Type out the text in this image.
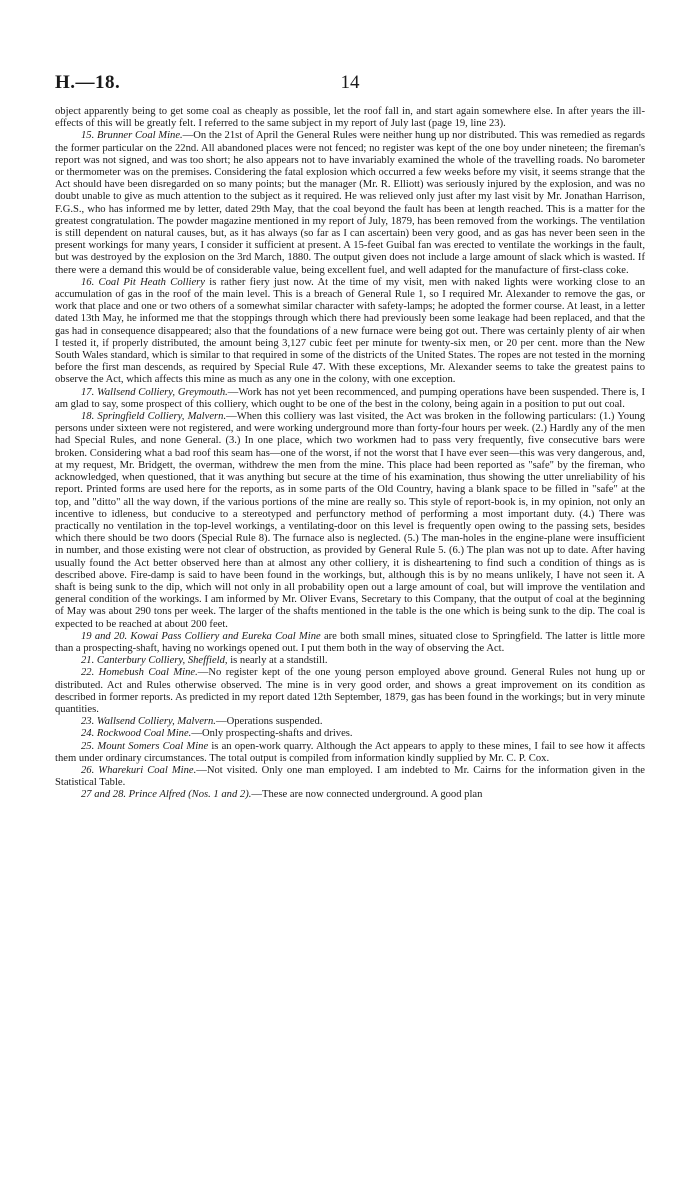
H.—18.	14

object apparently being to get some coal as cheaply as possible, let the roof fall in, and start again somewhere else. In after years the ill-effects of this will be greatly felt. I referred to the same subject in my report of July last (page 19, line 23).

15. Brunner Coal Mine.—On the 21st of April the General Rules were neither hung up nor distributed. This was remedied as regards the former particular on the 22nd. All abandoned places were not fenced; no register was kept of the one boy under nineteen; the fireman's report was not signed, and was too short; he also appears not to have invariably examined the whole of the travelling roads. No barometer or thermometer was on the premises. Considering the fatal explosion which occurred a few weeks before my visit, it seems strange that the Act should have been disregarded on so many points; but the manager (Mr. R. Elliott) was seriously injured by the explosion, and was no doubt unable to give as much attention to the subject as it required. He was relieved only just after my last visit by Mr. Jonathan Harrison, F.G.S., who has informed me by letter, dated 29th May, that the coal beyond the fault has been at length reached. This is a matter for the greatest congratulation. The powder magazine mentioned in my report of July, 1879, has been removed from the workings. The ventilation is still dependent on natural causes, but, as it has always (so far as I can ascertain) been very good, and as gas has never been seen in the present workings for many years, I consider it sufficient at present. A 15-feet Guibal fan was erected to ventilate the workings in the fault, but was destroyed by the explosion on the 3rd March, 1880. The output given does not include a large amount of slack which is wasted. If there were a demand this would be of considerable value, being excellent fuel, and well adapted for the manufacture of first-class coke.

16. Coal Pit Heath Colliery is rather fiery just now. At the time of my visit, men with naked lights were working close to an accumulation of gas in the roof of the main level. This is a breach of General Rule 1, so I required Mr. Alexander to remove the gas, or work that place and one or two others of a somewhat similar character with safety-lamps; he adopted the former course. At least, in a letter dated 13th May, he informed me that the stoppings through which there had previously been some leakage had been replaced, and that the gas had in consequence disappeared; also that the foundations of a new furnace were being got out. There was certainly plenty of air when I tested it, if properly distributed, the amount being 3,127 cubic feet per minute for twenty-six men, or 20 per cent. more than the New South Wales standard, which is similar to that required in some of the districts of the United States. The ropes are not tested in the morning before the first man descends, as required by Special Rule 47. With these exceptions, Mr. Alexander seems to take the greatest pains to observe the Act, which affects this mine as much as any one in the colony, with one exception.

17. Wallsend Colliery, Greymouth.—Work has not yet been recommenced, and pumping operations have been suspended. There is, I am glad to say, some prospect of this colliery, which ought to be one of the best in the colony, being again in a position to put out coal.

18. Springfield Colliery, Malvern.—When this colliery was last visited, the Act was broken in the following particulars: (1.) Young persons under sixteen were not registered, and were working underground more than forty-four hours per week. (2.) Hardly any of the men had Special Rules, and none General. (3.) In one place, which two workmen had to pass very frequently, five consecutive bars were broken. Considering what a bad roof this seam has—one of the worst, if not the worst that I have ever seen—this was very dangerous, and, at my request, Mr. Bridgett, the overman, withdrew the men from the mine. This place had been reported as "safe" by the fireman, who acknowledged, when questioned, that it was anything but secure at the time of his examination, thus showing the utter unreliability of his report. Printed forms are used here for the reports, as in some parts of the Old Country, having a blank space to be filled in "safe" at the top, and "ditto" all the way down, if the various portions of the mine are really so. This style of report-book is, in my opinion, not only an incentive to idleness, but conducive to a stereotyped and perfunctory method of performing a most important duty. (4.) There was practically no ventilation in the top-level workings, a ventilating-door on this level is frequently open owing to the passing sets, besides which there should be two doors (Special Rule 8). The furnace also is neglected. (5.) The man-holes in the engine-plane were insufficient in number, and those existing were not clear of obstruction, as provided by General Rule 5. (6.) The plan was not up to date. After having usually found the Act better observed here than at almost any other colliery, it is disheartening to find such a condition of things as is described above. Fire-damp is said to have been found in the workings, but, although this is by no means unlikely, I have not seen it. A shaft is being sunk to the dip, which will not only in all probability open out a large amount of coal, but will improve the ventilation and general condition of the workings. I am informed by Mr. Oliver Evans, Secretary to this Company, that the output of coal at the beginning of May was about 290 tons per week. The larger of the shafts mentioned in the table is the one which is being sunk to the dip. The coal is expected to be reached at about 200 feet.

19 and 20. Kowai Pass Colliery and Eureka Coal Mine are both small mines, situated close to Springfield. The latter is little more than a prospecting-shaft, having no workings opened out. I put them both in the way of observing the Act.

21. Canterbury Colliery, Sheffield, is nearly at a standstill.

22. Homebush Coal Mine.—No register kept of the one young person employed above ground. General Rules not hung up or distributed. Act and Rules otherwise observed. The mine is in very good order, and shows a great improvement on its condition as described in former reports. As predicted in my report dated 12th September, 1879, gas has been found in the workings; but in very minute quantities.

23. Wallsend Colliery, Malvern.—Operations suspended.

24. Rockwood Coal Mine.—Only prospecting-shafts and drives.

25. Mount Somers Coal Mine is an open-work quarry. Although the Act appears to apply to these mines, I fail to see how it affects them under ordinary circumstances. The total output is compiled from information kindly supplied by Mr. C. P. Cox.

26. Wharekuri Coal Mine.—Not visited. Only one man employed. I am indebted to Mr. Cairns for the information given in the Statistical Table.

27 and 28. Prince Alfred (Nos. 1 and 2).—These are now connected underground. A good plan
